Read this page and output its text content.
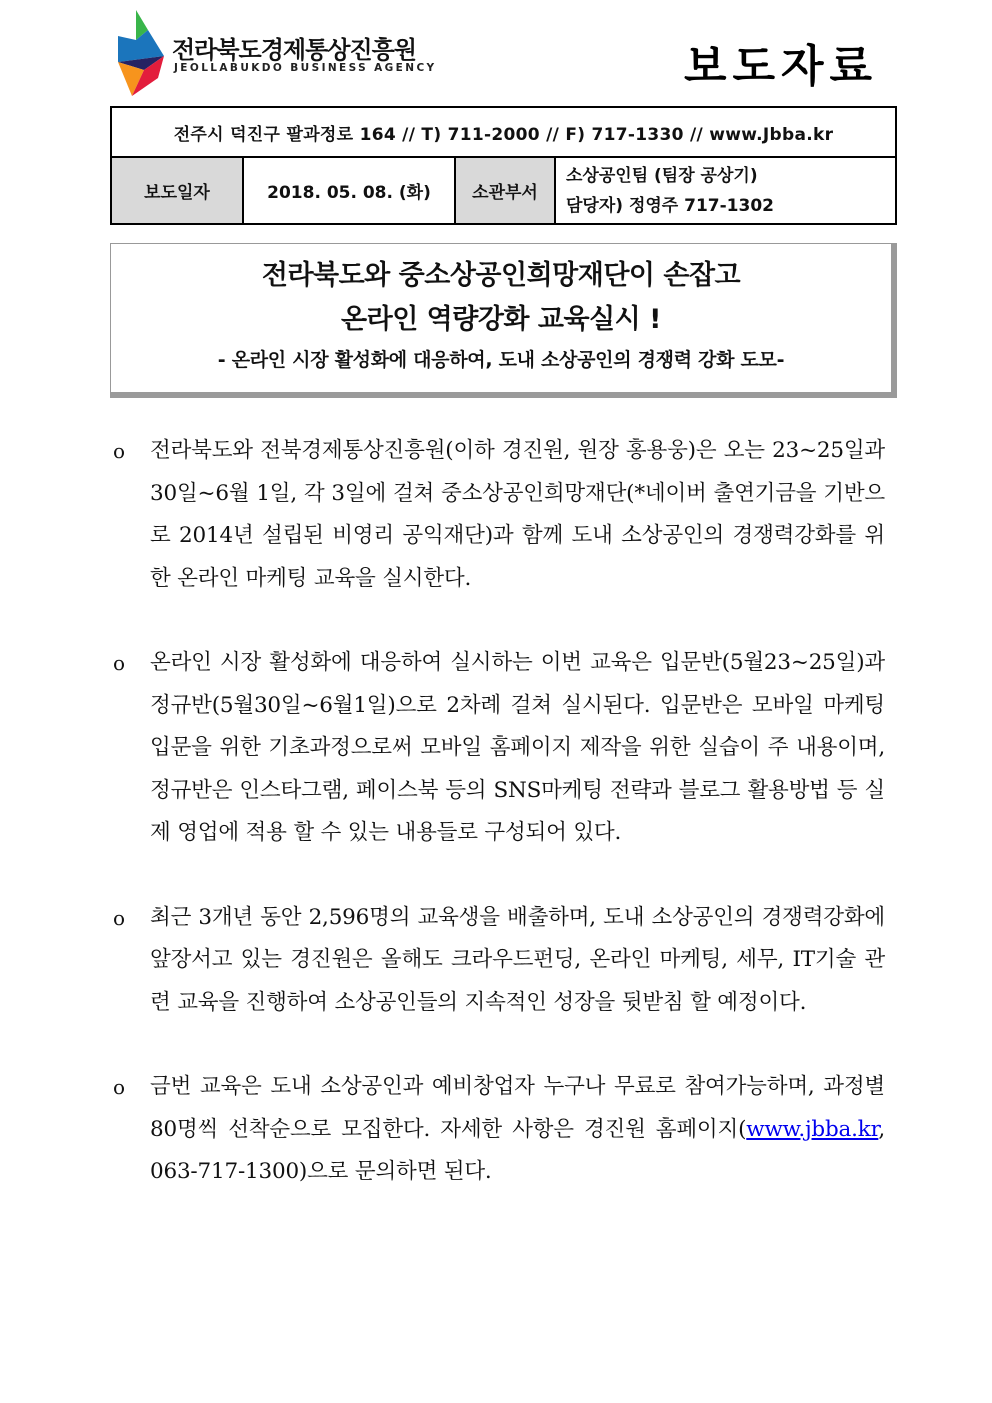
전라북도경제통상진흥원
JEOLLABUKDO BUSINESS AGENCY	보도자료
전주시 덕진구 팔과정로 164 // T) 711-2000 // F) 717-1330 // www.Jbba.kr
보도일자	2018. 05. 08. (화)	소관부서	
소상공인팀 (팀장 공상기)
담당자) 정영주 717-1302
전라북도와 중소상공인희망재단이 손잡고
온라인 역량강화 교육실시 !
- 온라인 시장 활성화에 대응하여, 도내 소상공인의 경쟁력 강화 도모-
o 전라북도와 전북경제통상진흥원(이하 경진원, 원장 홍용웅)은 오는 23~25일과 30일~6월 1일, 각 3일에 걸쳐 중소상공인희망재단(*네이버 출연기금을 기반으로 2014년 설립된 비영리 공익재단)과 함께 도내 소상공인의 경쟁력강화를 위한 온라인 마케팅 교육을 실시한다.
o 온라인 시장 활성화에 대응하여 실시하는 이번 교육은 입문반(5월23~25일)과 정규반(5월30일~6월1일)으로 2차례 걸쳐 실시된다. 입문반은 모바일 마케팅 입문을 위한 기초과정으로써 모바일 홈페이지 제작을 위한 실습이 주 내용이며, 정규반은 인스타그램, 페이스북 등의 SNS마케팅 전략과 블로그 활용방법 등 실제 영업에 적용 할 수 있는 내용들로 구성되어 있다.
o 최근 3개년 동안 2,596명의 교육생을 배출하며, 도내 소상공인의 경쟁력강화에 앞장서고 있는 경진원은 올해도 크라우드펀딩, 온라인 마케팅, 세무, IT기술 관련 교육을 진행하여 소상공인들의 지속적인 성장을 뒷받침 할 예정이다.
o 금번 교육은 도내 소상공인과 예비창업자 누구나 무료로 참여가능하며, 과정별 80명씩 선착순으로 모집한다. 자세한 사항은 경진원 홈페이지(www.jbba.kr, 063-717-1300)으로 문의하면 된다.
